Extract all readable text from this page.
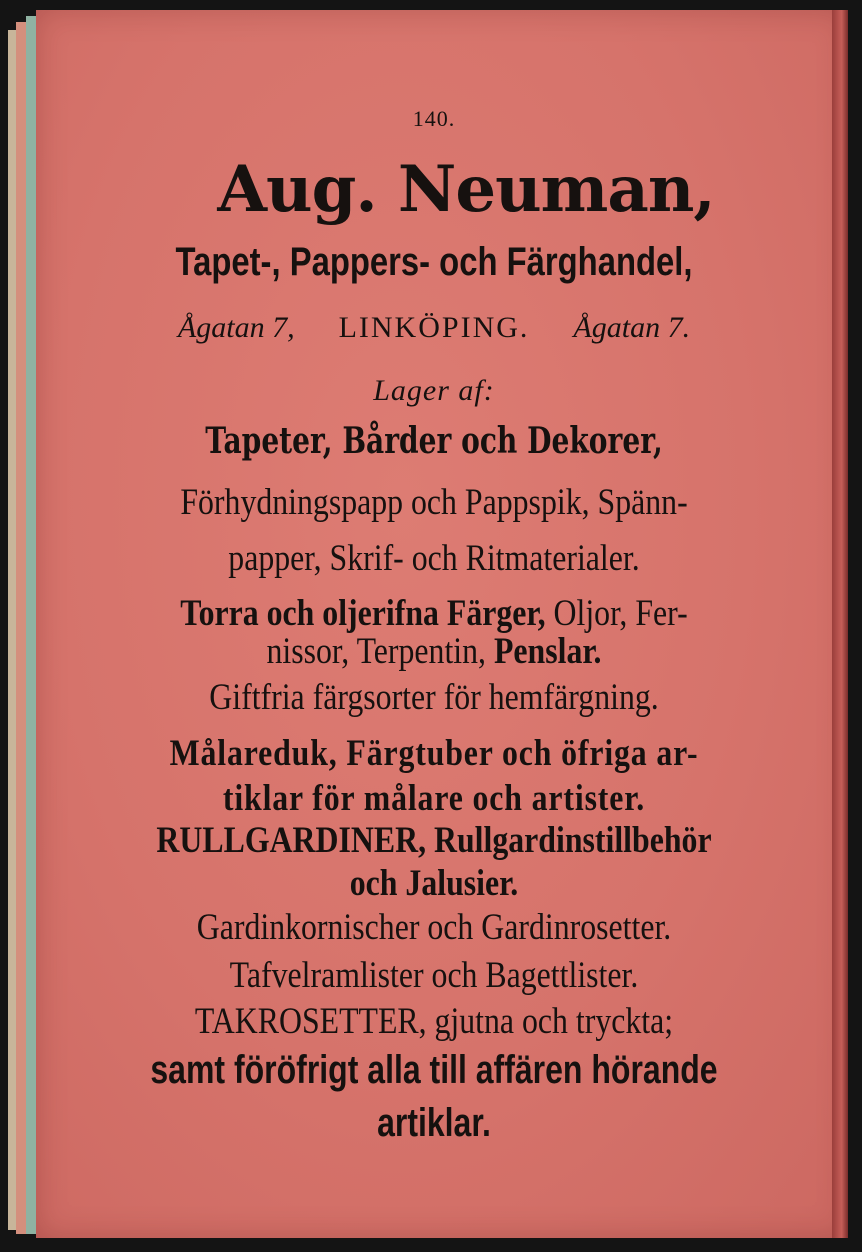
140.

Aug. Neuman,

Tapet-, Pappers- och Färghandel,

Ågatan 7, LINKÖPING. Ågatan 7.

Lager af:

Tapeter, Bårder och Dekorer,

Förhydningspapp och Pappspik, Spänn-

papper, Skrif- och Ritmaterialer.

Torra och oljerifna Färger, Oljor, Fer-

nissor, Terpentin, Penslar.

Giftfria färgsorter för hemfärgning.

Målareduk, Färgtuber och öfriga ar-

tiklar för målare och artister.

RULLGARDINER, Rullgardinstillbehör

och Jalusier.

Gardinkornischer och Gardinrosetter.

Tafvelramlister och Bagettlister.

TAKROSETTER, gjutna och tryckta;

samt föröfrigt alla till affären hörande

artiklar.
